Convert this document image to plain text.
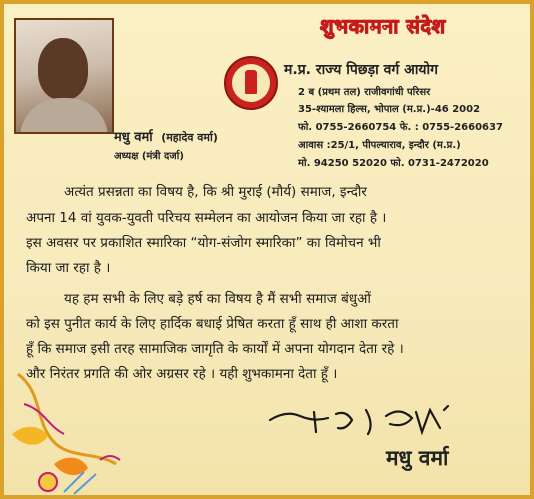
मधु वर्मा (महादेव वर्मा)
अध्यक्ष (मंत्री दर्जा)
शुभकामना संदेश
म.प्र. राज्य पिछड़ा वर्ग आयोग
2 ब (प्रथम तल) राजीवगांधी परिसर
35-श्यामला हिल्स, भोपाल (म.प्र.)-46 2002
फो. 0755-2660754 फे. : 0755-2660637
आवास :25/1, पीपल्याराव, इन्दौर (म.प्र.)
मो. 94250 52020 फो. 0731-2472020
अत्यंत प्रसन्नता का विषय है, कि श्री मुराई (मौर्य) समाज, इन्दौर
अपना 14 वां युवक-युवती परिचय सम्मेलन का आयोजन किया जा रहा है ।
इस अवसर पर प्रकाशित स्मारिका “योग-संजोग स्मारिका” का विमोचन भी
किया जा रहा है ।
यह हम सभी के लिए बड़े हर्ष का विषय है मैं सभी समाज बंधुओं
को इस पुनीत कार्य के लिए हार्दिक बधाई प्रेषित करता हूँ साथ ही आशा करता
हूँ कि समाज इसी तरह सामाजिक जागृति के कार्यों में अपना योगदान देता रहे ।
और निरंतर प्रगति की ओर अग्रसर रहे । यही शुभकामना देता हूँ ।
मधु वर्मा
